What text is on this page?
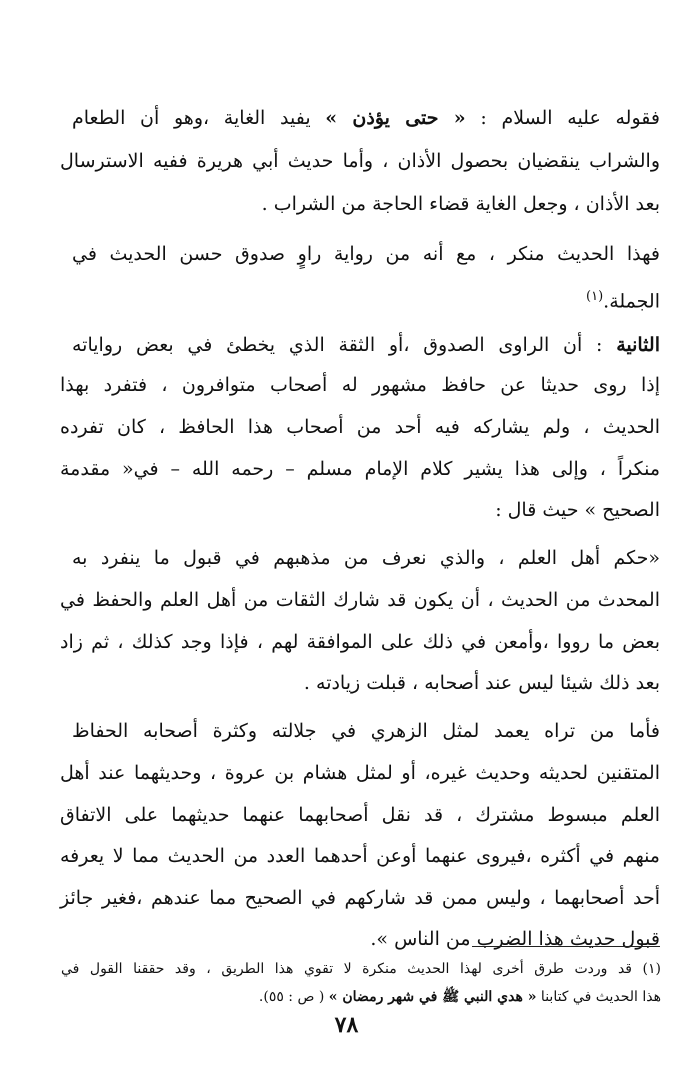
فقوله عليه السلام : « حتى يؤذن » يفيد الغاية ،وهو أن الطعام
والشراب ينقضيان بحصول الأذان ، وأما حديث أبي هريرة ففيه الاسترسال
بعد الأذان ، وجعل الغاية قضاء الحاجة من الشراب .
فهذا الحديث منكر ، مع أنه من رواية راوٍ صدوق حسن الحديث في
الجملة.$^{(١)}$
الثانية : أن الراوى الصدوق ،أو الثقة الذي يخطئ في بعض رواياته
إذا روى حديثا عن حافظ مشهور له أصحاب متوافرون ، فتفرد بهذا
الحديث ، ولم يشاركه فيه أحد من أصحاب هذا الحافظ ، كان تفرده
منكراً ، وإلى هذا يشير كلام الإمام مسلم – رحمه الله – في« مقدمة
الصحيح » حيث قال :
«حكم أهل العلم ، والذي نعرف من مذهبهم في قبول ما ينفرد به
المحدث من الحديث ، أن يكون قد شارك الثقات من أهل العلم والحفظ في
بعض ما رووا ،وأمعن في ذلك على الموافقة لهم ، فإذا وجد كذلك ، ثم زاد
بعد ذلك شيئا ليس عند أصحابه ، قبلت زيادته .
فأما من تراه يعمد لمثل الزهري في جلالته وكثرة أصحابه الحفاظ
المتقنين لحديثه وحديث غيره، أو لمثل هشام بن عروة ، وحديثهما عند أهل
العلم مبسوط مشترك ، قد نقل أصحابهما عنهما حديثهما على الاتفاق
منهم في أكثره ،فيروى عنهما أوعن أحدهما العدد من الحديث مما لا يعرفه
أحد أصحابهما ، وليس ممن قد شاركهم في الصحيح مما عندهم ،فغير جائز
قبول حديث هذا الضرب من الناس ».
(١) قد وردت طرق أخرى لهذا الحديث منكرة لا تقوي هذا الطريق ، وقد حققنا القول في
هذا الحديث في كتابنا « هدي النبي ﷺ في شهر رمضان » ( ص : ٥٥).
٧٨
